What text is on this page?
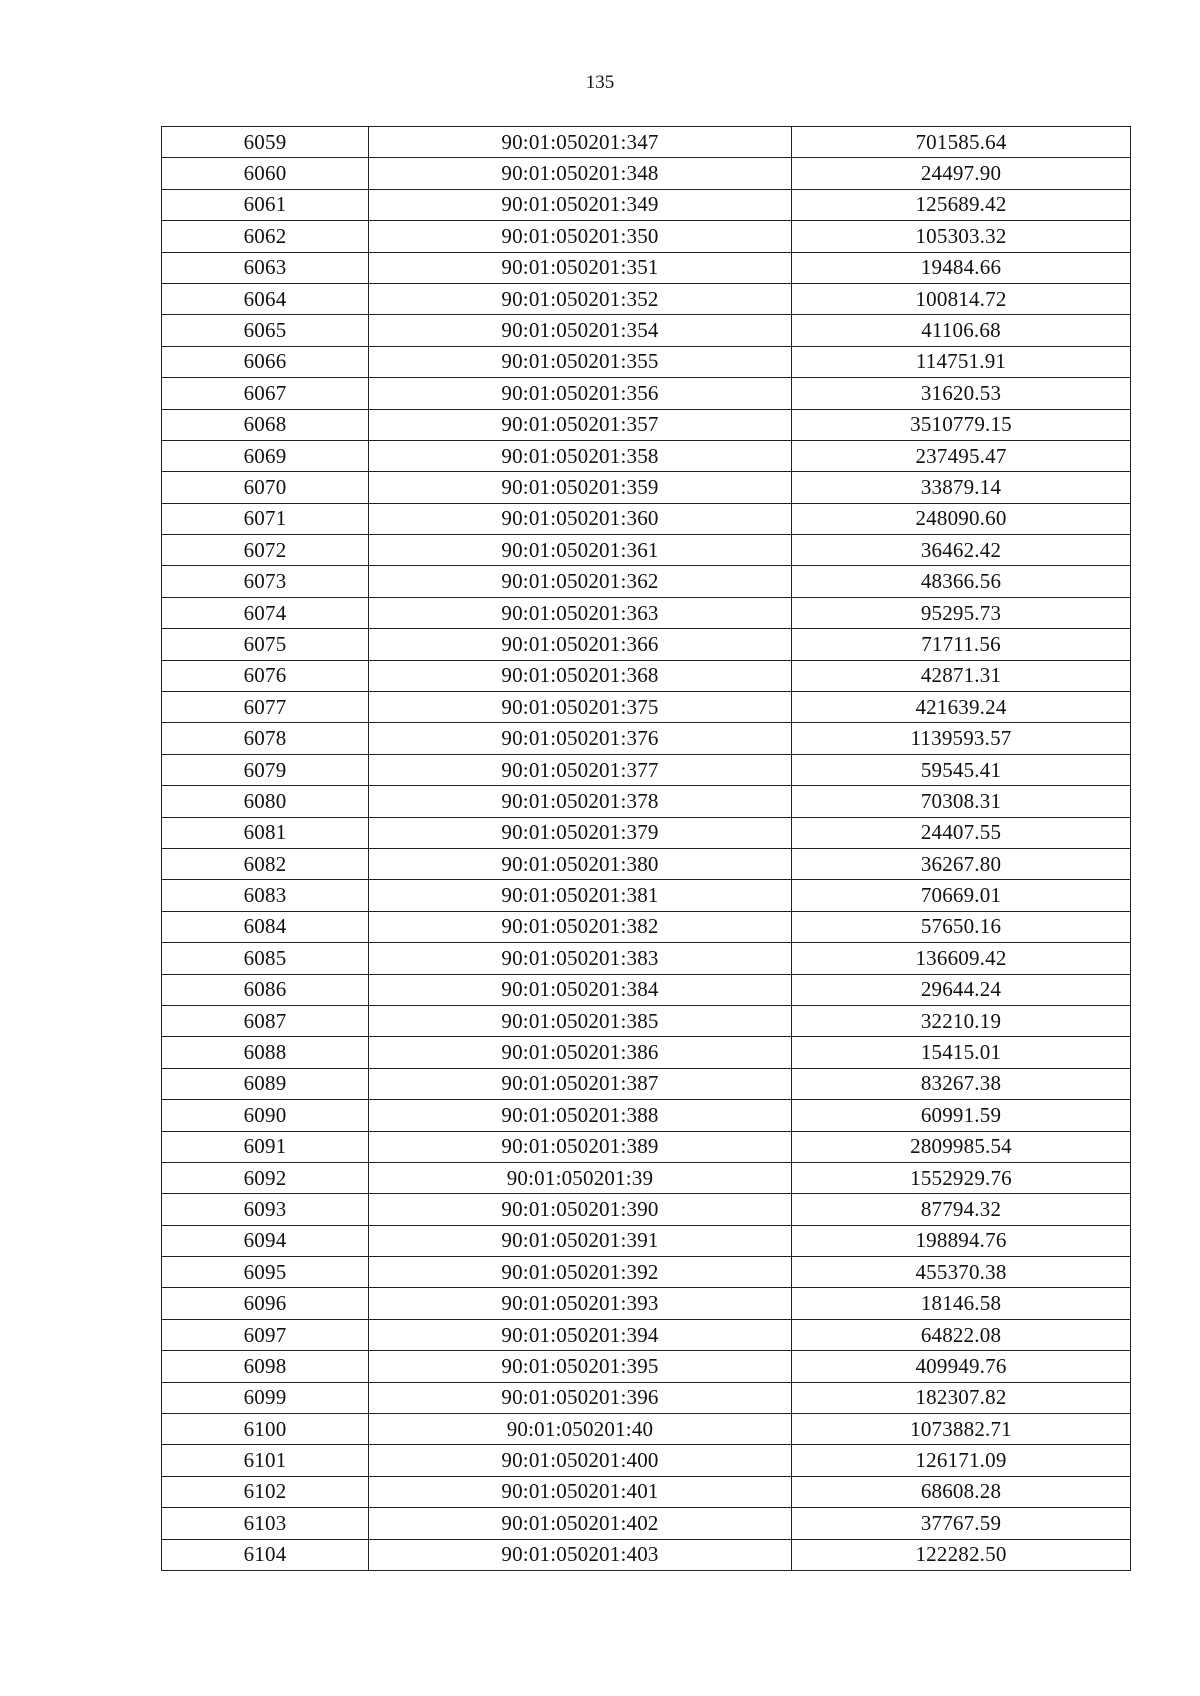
135
6059	90:01:050201:347	701585.64
6060	90:01:050201:348	24497.90
6061	90:01:050201:349	125689.42
6062	90:01:050201:350	105303.32
6063	90:01:050201:351	19484.66
6064	90:01:050201:352	100814.72
6065	90:01:050201:354	41106.68
6066	90:01:050201:355	114751.91
6067	90:01:050201:356	31620.53
6068	90:01:050201:357	3510779.15
6069	90:01:050201:358	237495.47
6070	90:01:050201:359	33879.14
6071	90:01:050201:360	248090.60
6072	90:01:050201:361	36462.42
6073	90:01:050201:362	48366.56
6074	90:01:050201:363	95295.73
6075	90:01:050201:366	71711.56
6076	90:01:050201:368	42871.31
6077	90:01:050201:375	421639.24
6078	90:01:050201:376	1139593.57
6079	90:01:050201:377	59545.41
6080	90:01:050201:378	70308.31
6081	90:01:050201:379	24407.55
6082	90:01:050201:380	36267.80
6083	90:01:050201:381	70669.01
6084	90:01:050201:382	57650.16
6085	90:01:050201:383	136609.42
6086	90:01:050201:384	29644.24
6087	90:01:050201:385	32210.19
6088	90:01:050201:386	15415.01
6089	90:01:050201:387	83267.38
6090	90:01:050201:388	60991.59
6091	90:01:050201:389	2809985.54
6092	90:01:050201:39	1552929.76
6093	90:01:050201:390	87794.32
6094	90:01:050201:391	198894.76
6095	90:01:050201:392	455370.38
6096	90:01:050201:393	18146.58
6097	90:01:050201:394	64822.08
6098	90:01:050201:395	409949.76
6099	90:01:050201:396	182307.82
6100	90:01:050201:40	1073882.71
6101	90:01:050201:400	126171.09
6102	90:01:050201:401	68608.28
6103	90:01:050201:402	37767.59
6104	90:01:050201:403	122282.50
